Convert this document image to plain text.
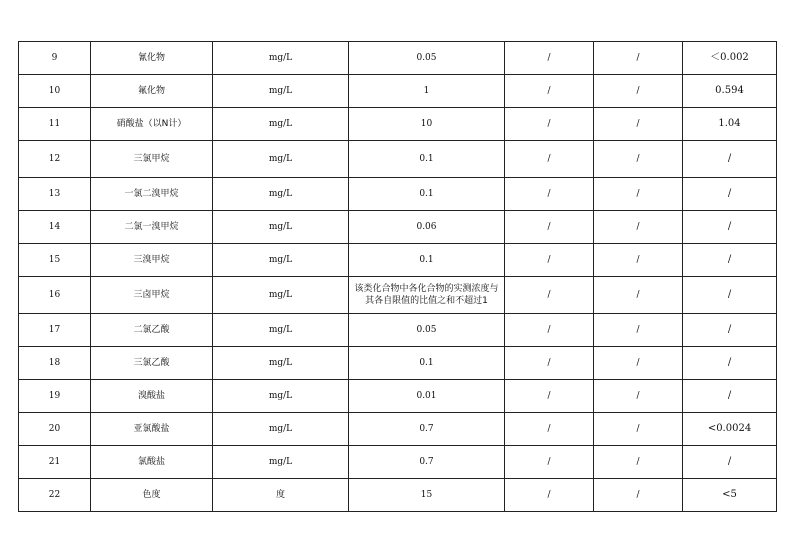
9	氰化物	mg/L	0.05	/	/	＜0.002
10	氟化物	mg/L	1	/	/	0.594
11	硝酸盐（以N计）	mg/L	10	/	/	1.04
12	三氯甲烷	mg/L	0.1	/	/	/
13	一氯二溴甲烷	mg/L	0.1	/	/	/
14	二氯一溴甲烷	mg/L	0.06	/	/	/
15	三溴甲烷	mg/L	0.1	/	/	/
16	三卤甲烷	mg/L	该类化合物中各化合物的实测浓度与其各自限值的比值之和不超过1	/	/	/
17	二氯乙酸	mg/L	0.05	/	/	/
18	三氯乙酸	mg/L	0.1	/	/	/
19	溴酸盐	mg/L	0.01	/	/	/
20	亚氯酸盐	mg/L	0.7	/	/	<0.0024
21	氯酸盐	mg/L	0.7	/	/	/
22	色度	度	15	/	/	<5
